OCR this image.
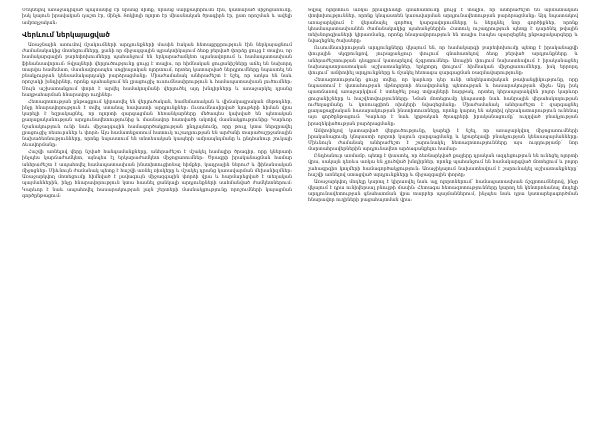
Մեկնելով առաջադրված պայմանից էր նրանց միտք, նրանց սարքավորումն էին, կատարած միջոցառումը, իսկ կայուն իրավական դաշտ էր, մինչև Տոկիոյի ոլորտ էր միասնական ծրագիրն էր, ըստ որոշման և ավելի ամբողջական։

Վերևում ներկայացված

Առաջնային առումով մշակումների արդյունքների մասին էական հետաքրքրություն էին ներկայացնում ժամանակակից մոտեցումները, քանի որ միջազգային պրակտիկայում ձեռք բերված փորձը ցույց է տալիս, որ համակարգային բարեփոխումները պահանջում են երկարաժամկետ պլանավորում և համապատասխան ֆինանսավորում։ Տվյալների վերլուծությունը ցույց է տալիս, որ հիմնական ցուցանիշները աճել են նախորդ տարվա համեմատ, մասնավորապես սոցիալական ոլորտում, որտեղ կատարված ներդրումները նպաստել են բնակչության կենսամակարդակի բարձրացմանը։ Միաժամանակ անհրաժեշտ է նշել, որ առկա են նաև որոշակի խնդիրներ, որոնք պահանջում են լրացուցիչ ուսումնասիրություն և համապատասխան լուծումներ։ Սույն աշխատանքում փորձ է արվել համակողմանի վերլուծել այդ խնդիրները և առաջարկել դրանց հաղթահարման հնարավոր ուղիներ։

Հետազոտության ընթացքում կիրառվել են վերլուծական, համեմատական և վիճակագրական մեթոդներ, ինչը հնարավորություն է տվել ստանալ հավաստի արդյունքներ։ Ուսումնասիրված նյութերի հիման վրա կարելի է եզրակացնել, որ ոլորտի զարգացման հեռանկարները մեծապես կախված են պետական քաղաքականության արդյունավետությունից և մասնավոր հատվածի ակտիվ մասնակցությունից։ Կարևոր նշանակություն ունի նաև միջազգային համագործակցության ընդլայնումը, որը թույլ կտա ներգրավել լրացուցիչ ռեսուրսներ և փորձ։ Այս համատեքստում հատուկ ուշադրության են արժանի տարածաշրջանային նախաձեռնությունները, որոնք նպաստում են տնտեսական կապերի ամրապնդմանը և ընդհանուր շուկայի ձևավորմանը։

Հաշվի առնելով վերը նշված հանգամանքները, անհրաժեշտ է մշակել համալիր ծրագիր, որը կներառի ինչպես կարճաժամկետ, այնպես էլ երկարաժամկետ միջոցառումներ։ Ծրագրի իրականացման համար անհրաժեշտ է ապահովել համապատասխան ինստիտուցիոնալ հիմքեր, կադրային ներուժ և ֆինանսական միջոցներ։ Միևնույն ժամանակ պետք է հաշվի առնել ռիսկերը և մշակել դրանց կառավարման մեխանիզմներ։ Առաջարկվող մոտեցումը հիմնված է լավագույն միջազգային փորձի վրա և հարմարեցված է տեղական պայմաններին, ինչը հնարավորություն կտա հասնել ցանկալի արդյունքների սահմանված ժամկետներում։ Կարևոր է նաև ապահովել հասարակության լայն շերտերի մասնակցությունը որոշումների կայացման գործընթացում։

Տվյալ ոլորտում առկա իրավիճակի գնահատումը ցույց է տալիս, որ անհրաժեշտ են արմատական փոփոխություններ, որոնք կնպաստեն կառավարման արդյունավետության բարձրացմանը։ Այդ նպատակով առաջարկվում է վերանայել գործող կարգավորումները և ներդնել նոր գործիքներ, որոնք կհամապատասխանեն ժամանակակից պահանջներին։ Հատուկ ուշադրություն պետք է դարձնել թվային տեխնոլոգիաների կիրառմանը, որոնք հնարավորություն են տալիս էապես պարզեցնել ընթացակարգերը և նվազեցնել ծախսերը։

Ուսումնասիրության արդյունքները վկայում են, որ համակարգի բարեփոխումը պետք է իրականացվի փուլային սկզբունքով, յուրաքանչյուր փուլում գնահատելով ձեռք բերված արդյունքները և անհրաժեշտության դեպքում կատարելով ճշգրտումներ։ Առաջին փուլում նախատեսվում է իրականացնել նախապատրաստական աշխատանքներ, երկրորդ փուլում՝ հիմնական միջոցառումները, իսկ երրորդ փուլում՝ ամփոփել արդյունքները և մշակել հետագա զարգացման ռազմավարությունը։

Հետազոտությունը ցույց տվեց, որ կարևոր դեր ունի տեղեկատվական թափանցիկությունը, որը նպաստում է վստահության մթնոլորտի ձևավորմանը պետության և հասարակության միջև։ Այդ իսկ պատճառով առաջարկվում է ստեղծել բաց տվյալների հարթակ, որտեղ կհրապարակվեն բոլոր կարևոր ցուցանիշները և հաշվետվությունները։ Նման մոտեցումը կնպաստի նաև հանրային վերահսկողության ուժեղացմանը և կոռուպցիոն ռիսկերի նվազեցմանը։ Միաժամանակ անհրաժեշտ է զարգացնել քաղաքացիական հասարակության ինստիտուտները, որոնք կարող են ակտիվ դերակատարություն ունենալ այս գործընթացում։ Կարևոր է նաև կրթական ծրագրերի իրականացումը՝ ուղղված բնակչության իրազեկվածության բարձրացմանը։

Ամփոփելով կատարված վերլուծությունը, կարելի է նշել, որ առաջարկվող միջոցառումների իրականացումը կնպաստի ոլորտի կայուն զարգացմանը և կբարելավի բնակչության կենսապայմանները։ Միևնույն ժամանակ անհրաժեշտ է շարունակել հետազոտությունները այս ուղղությամբ՝ նոր մարտահրավերներին արդյունավետ արձագանքելու համար։

Ընդհանուր առմամբ, պետք է փաստել, որ ձեռնարկված քայլերը դրական ազդեցություն են ունեցել ոլորտի վրա, սակայն դեռևս առկա են չլուծված խնդիրներ, որոնք պահանջում են համակարգված մոտեցում և բոլոր շահագրգիռ կողմերի համագործակցություն։ Առաջիկայում նախատեսվում է շարունակել աշխատանքները՝ հաշվի առնելով ստացված արդյունքները և միջազգային փորձը։

Առաջարկվող մոդելը կարող է կիրառվել նաև այլ ոլորտներում՝ համապատասխան ճշգրտումներով, ինչը վկայում է դրա ունիվերսալ բնույթի մասին։ Հետագա հետազոտությունները կարող են կենտրոնանալ մոդելի արդյունավետության գնահատման վրա տարբեր պայմաններում, ինչպես նաև դրա կատարելագործման հնարավոր ուղիների բացահայտման վրա։
